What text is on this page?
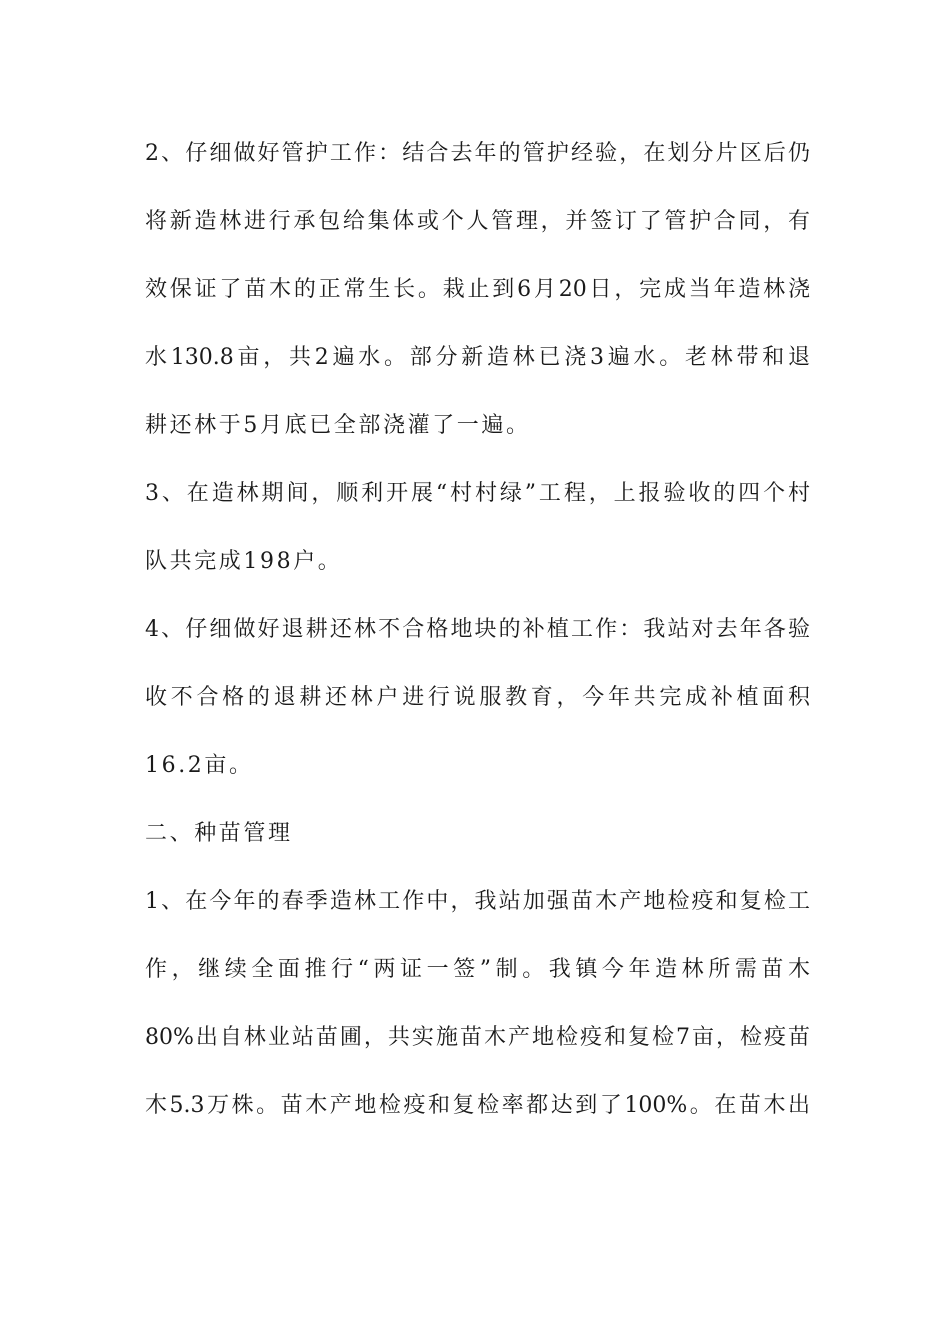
2、仔细做好管护工作：结合去年的管护经验，在划分片区后仍
将新造林进行承包给集体或个人管理，并签订了管护合同，有
效保证了苗木的正常生长。栽止到6月20日，完成当年造林浇
水130.8亩，共2遍水。部分新造林已浇3遍水。老林带和退
耕还林于5月底已全部浇灌了一遍。
3、在造林期间，顺利开展“村村绿”工程，上报验收的四个村
队共完成198户。
4、仔细做好退耕还林不合格地块的补植工作：我站对去年各验
收不合格的退耕还林户进行说服教育，今年共完成补植面积
16.2亩。
二、种苗管理
1、在今年的春季造林工作中，我站加强苗木产地检疫和复检工
作，继续全面推行“两证一签”制。我镇今年造林所需苗木
80%出自林业站苗圃，共实施苗木产地检疫和复检7亩，检疫苗
木5.3万株。苗木产地检疫和复检率都达到了100%。在苗木出
